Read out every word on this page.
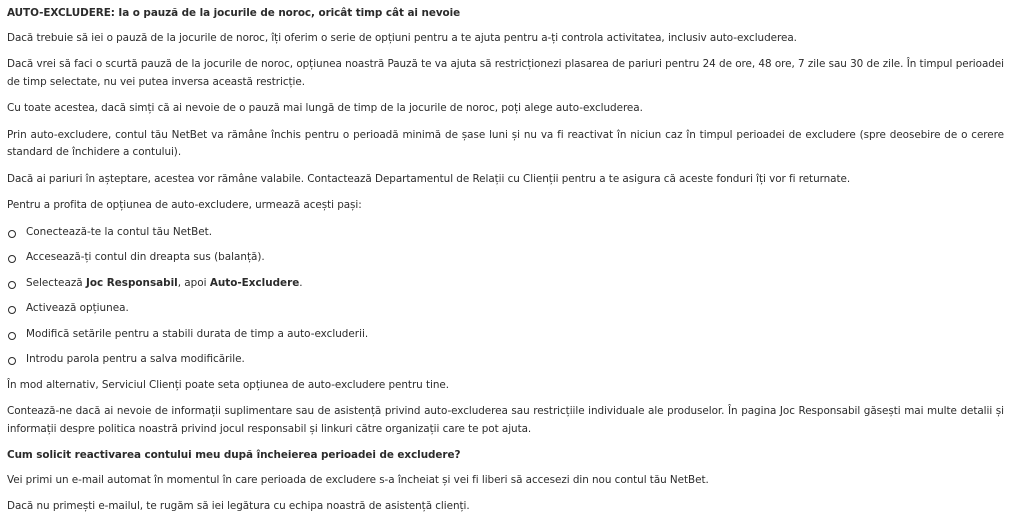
AUTO-EXCLUDERE: Ia o pauză de la jocurile de noroc, oricât timp cât ai nevoie

Dacă trebuie să iei o pauză de la jocurile de noroc, îți oferim o serie de opțiuni pentru a te ajuta pentru a-ți controla activitatea, inclusiv auto-excluderea.

Dacă vrei să faci o scurtă pauză de la jocurile de noroc, opțiunea noastră Pauză te va ajuta să restricționezi plasarea de pariuri pentru 24 de ore, 48 ore, 7 zile sau 30 de zile. În timpul perioadei de timp selectate, nu vei putea inversa această restricție.

Cu toate acestea, dacă simți că ai nevoie de o pauză mai lungă de timp de la jocurile de noroc, poți alege auto-excluderea.

Prin auto-excludere, contul tău NetBet va rămâne închis pentru o perioadă minimă de șase luni și nu va fi reactivat în niciun caz în timpul perioadei de excludere (spre deosebire de o cerere standard de închidere a contului).

Dacă ai pariuri în așteptare, acestea vor rămâne valabile. Contactează Departamentul de Relații cu Clienții pentru a te asigura că aceste fonduri îți vor fi returnate.

Pentru a profita de opțiunea de auto-excludere, urmează acești pași:

Conectează-te la contul tău NetBet.
Accesează-ți contul din dreapta sus (balanță).
Selectează Joc Responsabil, apoi Auto-Excludere.
Activează opțiunea.
Modifică setările pentru a stabili durata de timp a auto-excluderii.
Introdu parola pentru a salva modificările.

În mod alternativ, Serviciul Clienți poate seta opțiunea de auto-excludere pentru tine.

Contează-ne dacă ai nevoie de informații suplimentare sau de asistență privind auto-excluderea sau restricțiile individuale ale produselor. În pagina Joc Responsabil găsești mai multe detalii și informații despre politica noastră privind jocul responsabil și linkuri către organizații care te pot ajuta.

Cum solicit reactivarea contului meu după încheierea perioadei de excludere?

Vei primi un e-mail automat în momentul în care perioada de excludere s-a încheiat și vei fi liberi să accesezi din nou contul tău NetBet.

Dacă nu primești e-mailul, te rugăm să iei legătura cu echipa noastră de asistență clienți.
